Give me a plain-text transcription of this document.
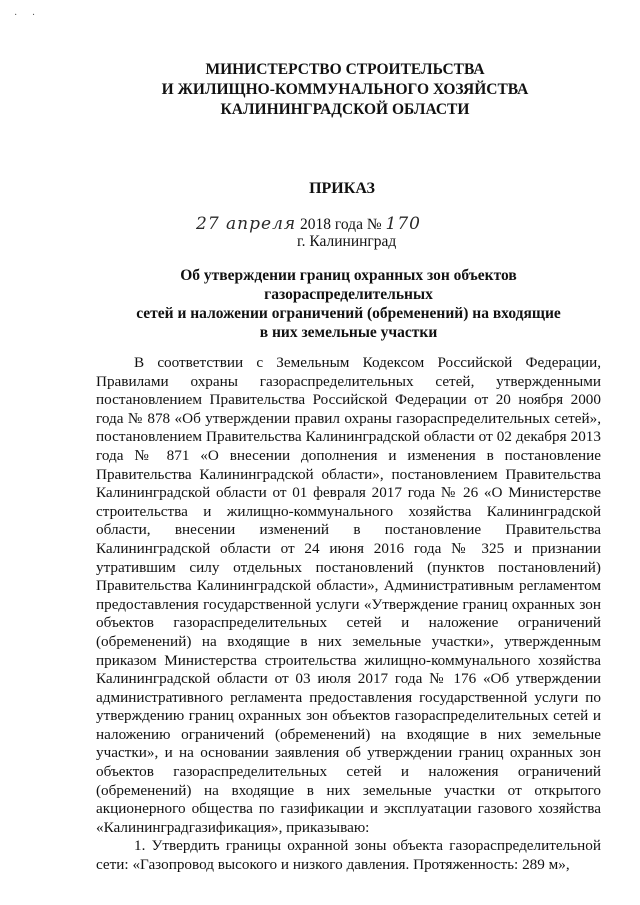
· ·
МИНИСТЕРСТВО СТРОИТЕЛЬСТВА
И ЖИЛИЩНО-КОММУНАЛЬНОГО ХОЗЯЙСТВА
КАЛИНИНГРАДСКОЙ ОБЛАСТИ
ПРИКАЗ
27 апреля 2018 года № 170
г. Калининград
Об утверждении границ охранных зон объектов газораспределительных
сетей и наложении ограничений (обременений) на входящие
в них земельные участки

В соответствии с Земельным Кодексом Российской Федерации, Правилами охраны газораспределительных сетей, утвержденными постановлением Правительства Российской Федерации от 20 ноября 2000 года № 878 «Об утверждении правил охраны газораспределительных сетей», постановлением Правительства Калининградской области от 02 декабря 2013 года № 871 «О внесении дополнения и изменения в постановление Правительства Калининградской области», постановлением Правительства Калининградской области от 01 февраля 2017 года № 26 «О Министерстве строительства и жилищно-коммунального хозяйства Калининградской области, внесении изменений в постановление Правительства Калининградской области от 24 июня 2016 года № 325 и признании утратившим силу отдельных постановлений (пунктов постановлений) Правительства Калининградской области», Административным регламентом предоставления государственной услуги «Утверждение границ охранных зон объектов газораспределительных сетей и наложение ограничений (обременений) на входящие в них земельные участки», утвержденным приказом Министерства строительства жилищно-коммунального хозяйства Калининградской области от 03 июля 2017 года № 176 «Об утверждении административного регламента предоставления государственной услуги по утверждению границ охранных зон объектов газораспределительных сетей и наложению ограничений (обременений) на входящие в них земельные участки», и на основании заявления об утверждении границ охранных зон объектов газораспределительных сетей и наложения ограничений (обременений) на входящие в них земельные участки от открытого акционерного общества по газификации и эксплуатации газового хозяйства «Калининградгазификация», приказываю:

1. Утвердить границы охранной зоны объекта газораспределительной сети: «Газопровод высокого и низкого давления. Протяженность: 289 м»,
